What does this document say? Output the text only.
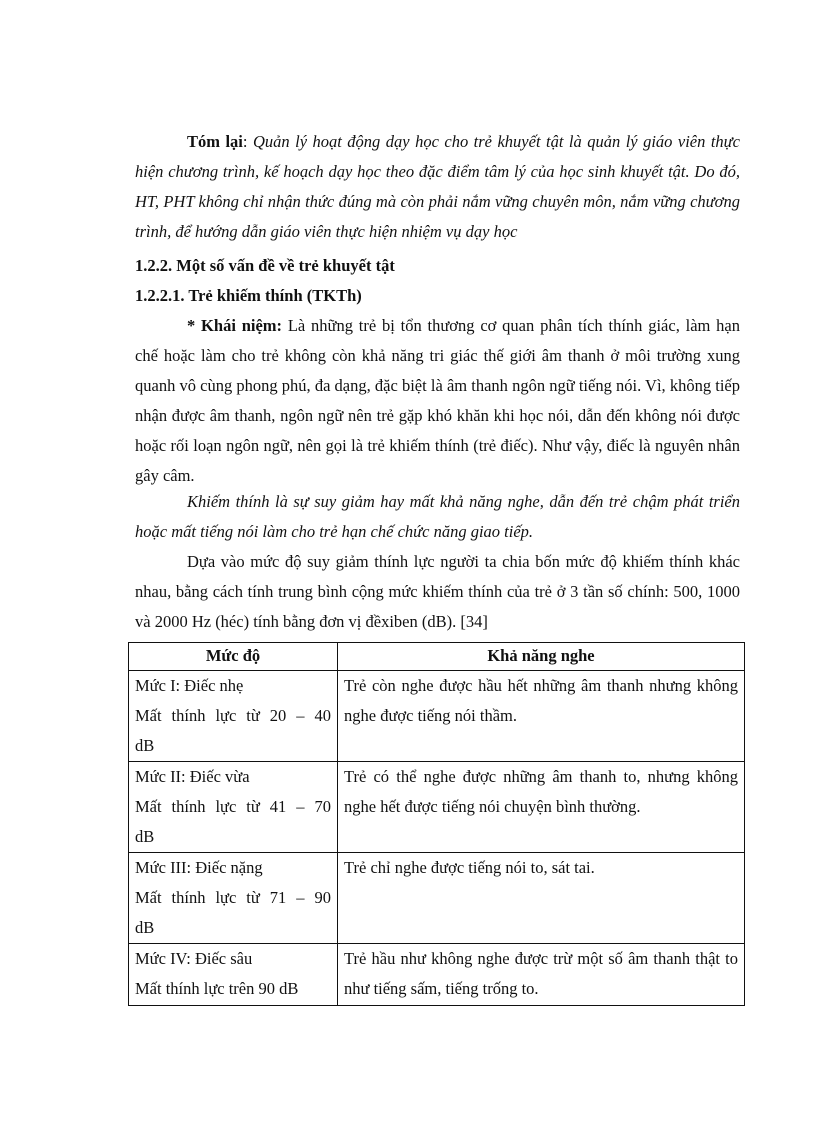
Tóm lại: Quản lý hoạt động dạy học cho trẻ khuyết tật là quản lý giáo viên thực hiện chương trình, kế hoạch dạy học theo đặc điểm tâm lý của học sinh khuyết tật. Do đó, HT, PHT không chỉ nhận thức đúng mà còn phải nắm vững chuyên môn, nắm vững chương trình, để hướng dẫn giáo viên thực hiện nhiệm vụ dạy học

1.2.2. Một số vấn đề về trẻ khuyết tật

1.2.2.1. Trẻ khiếm thính (TKTh)

* Khái niệm: Là những trẻ bị tổn thương cơ quan phân tích thính giác, làm hạn chế hoặc làm cho trẻ không còn khả năng tri giác thế giới âm thanh ở môi trường xung quanh vô cùng phong phú, đa dạng, đặc biệt là âm thanh ngôn ngữ tiếng nói. Vì, không tiếp nhận được âm thanh, ngôn ngữ nên trẻ gặp khó khăn khi học nói, dẫn đến không nói được hoặc rối loạn ngôn ngữ, nên gọi là trẻ khiếm thính (trẻ điếc). Như vậy, điếc là nguyên nhân gây câm.

Khiếm thính là sự suy giảm hay mất khả năng nghe, dẫn đến trẻ chậm phát triển hoặc mất tiếng nói làm cho trẻ hạn chế chức năng giao tiếp.

Dựa vào mức độ suy giảm thính lực người ta chia bốn mức độ khiếm thính khác nhau, bằng cách tính trung bình cộng mức khiếm thính của trẻ ở 3 tần số chính: 500, 1000 và 2000 Hz (héc) tính bằng đơn vị đềxiben (dB). [34]

Mức độ	Khả năng nghe

Mức I: Điếc nhẹ
Mất thính lực từ 20 – 40
dB	Trẻ còn nghe được hầu hết những âm thanh nhưng không nghe được tiếng nói thầm.

Mức II: Điếc vừa
Mất thính lực từ 41 – 70
dB	Trẻ có thể nghe được những âm thanh to, nhưng không nghe hết được tiếng nói chuyện bình thường.

Mức III: Điếc nặng
Mất thính lực từ 71 – 90
dB	Trẻ chỉ nghe được tiếng nói to, sát tai.

Mức IV: Điếc sâu
Mất thính lực trên 90 dB	Trẻ hầu như không nghe được trừ một số âm thanh thật to như tiếng sấm, tiếng trống to.
